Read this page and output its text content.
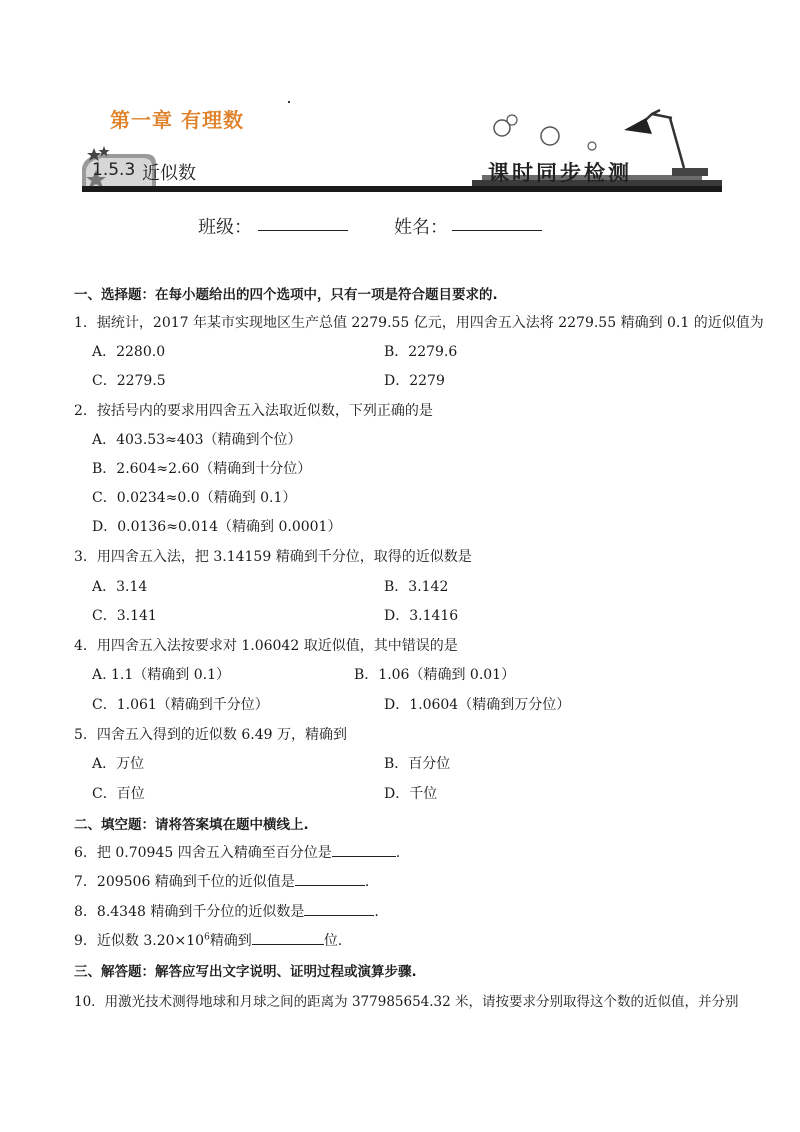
第一章 有理数
1.5.3 近似数	课时同步检测
班级：	姓名：
一、选择题：在每小题给出的四个选项中，只有一项是符合题目要求的.
1．据统计，2017 年某市实现地区生产总值 2279.55 亿元，用四舍五入法将 2279.55 精确到 0.1 的近似值为
A．2280.0	B．2279.6
C．2279.5	D．2279
2．按括号内的要求用四舍五入法取近似数，下列正确的是
A．403.53≈403（精确到个位）
B．2.604≈2.60（精确到十分位）
C．0.0234≈0.0（精确到 0.1）
D．0.0136≈0.014（精确到 0.0001）
3．用四舍五入法，把 3.14159 精确到千分位，取得的近似数是
A．3.14	B．3.142
C．3.141	D．3.1416
4．用四舍五入法按要求对 1.06042 取近似值，其中错误的是
A. 1.1（精确到 0.1）	B．1.06（精确到 0.01）
C．1.061（精确到千分位）	D．1.0604（精确到万分位）
5．四舍五入得到的近似数 6.49 万，精确到
A．万位	B．百分位
C．百位	D．千位
二、填空题：请将答案填在题中横线上.
6．把 0.70945 四舍五入精确至百分位是	.
7．209506 精确到千位的近似值是	.
8．8.4348 精确到千分位的近似数是	.
9．近似数 $3.20\times 10^6$精确到	位.
三、解答题：解答应写出文字说明、证明过程或演算步骤.
10．用激光技术测得地球和月球之间的距离为 377985654.32 米，请按要求分别取得这个数的近似值，并分别
